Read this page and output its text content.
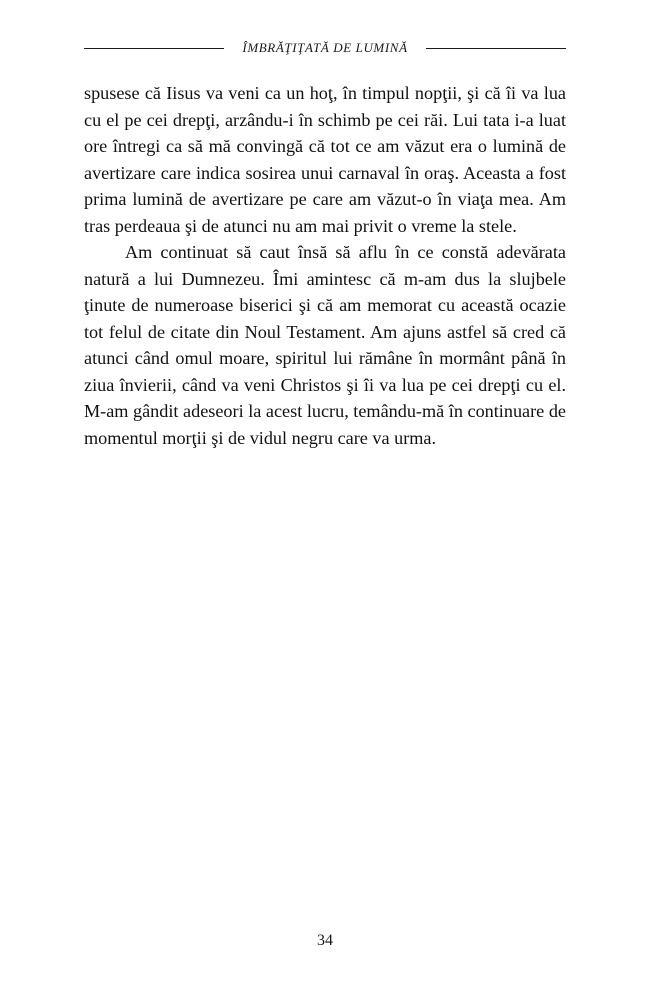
ÎMBRĂŢIŢATĂ DE LUMINĂ

spusese că Iisus va veni ca un hoţ, în timpul nopţii, şi că îi va lua cu el pe cei drepţi, arzându-i în schimb pe cei răi. Lui tata i-a luat ore întregi ca să mă convingă că tot ce am văzut era o lumină de avertizare care indica sosirea unui carnaval în oraş. Aceasta a fost prima lumină de avertizare pe care am văzut-o în viaţa mea. Am tras perdeaua şi de atunci nu am mai privit o vreme la stele.

Am continuat să caut însă să aflu în ce constă adevărata natură a lui Dumnezeu. Îmi amintesc că m-am dus la slujbele ţinute de numeroase biserici şi că am memorat cu această ocazie tot felul de citate din Noul Testament. Am ajuns astfel să cred că atunci când omul moare, spiritul lui rămâne în mormânt până în ziua învierii, când va veni Christos şi îi va lua pe cei drepţi cu el. M-am gândit adeseori la acest lucru, temându-mă în continuare de momentul morţii şi de vidul negru care va urma.

34
